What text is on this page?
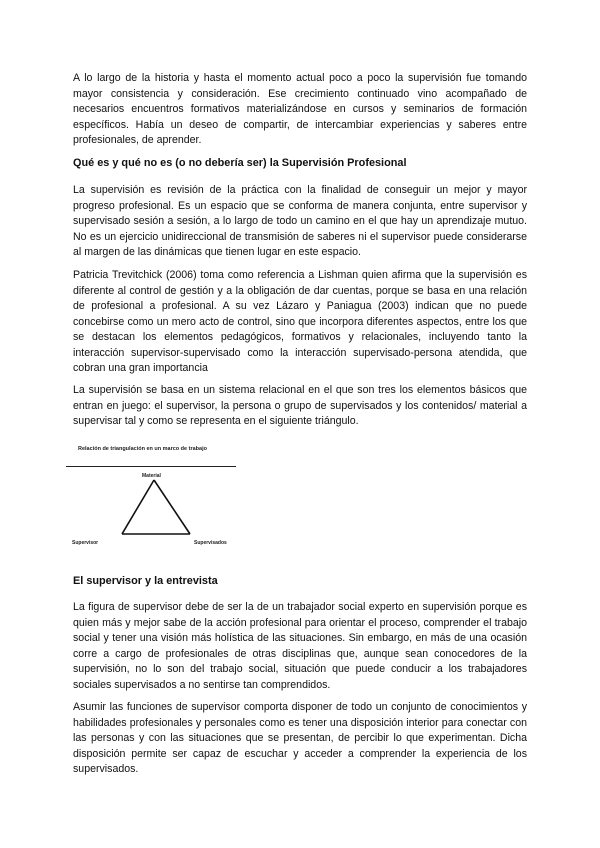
A lo largo de la historia y hasta el momento actual poco a poco la supervisión fue tomando mayor consistencia y consideración. Ese crecimiento continuado vino acompañado de necesarios encuentros formativos materializándose en cursos y seminarios de formación específicos. Había un deseo de compartir, de intercambiar experiencias y saberes entre profesionales, de aprender.

Qué es y qué no es (o no debería ser) la Supervisión Profesional

La supervisión es revisión de la práctica con la finalidad de conseguir un mejor y mayor progreso profesional. Es un espacio que se conforma de manera conjunta, entre supervisor y supervisado sesión a sesión, a lo largo de todo un camino en el que hay un aprendizaje mutuo. No es un ejercicio unidireccional de transmisión de saberes ni el supervisor puede considerarse al margen de las dinámicas que tienen lugar en este espacio.

Patricia Trevitchick (2006) toma como referencia a Lishman quien afirma que la supervisión es diferente al control de gestión y a la obligación de dar cuentas, porque se basa en una relación de profesional a profesional. A su vez Lázaro y Paniagua (2003) indican que no puede concebirse como un mero acto de control, sino que incorpora diferentes aspectos, entre los que se destacan los elementos pedagógicos, formativos y relacionales, incluyendo tanto la interacción supervisor-supervisado como la interacción supervisado-persona atendida, que cobran una gran importancia

La supervisión se basa en un sistema relacional en el que son tres los elementos básicos que entran en juego: el supervisor, la persona o grupo de supervisados y los contenidos/ material a supervisar tal y como se representa en el siguiente triángulo.

Relación de triangulación en un marco de trabajo
Material
Supervisor	Supervisados

El supervisor y la entrevista

La figura de supervisor debe de ser la de un trabajador social experto en supervisión porque es quien más y mejor sabe de la acción profesional para orientar el proceso, comprender el trabajo social y tener una visión más holística de las situaciones. Sin embargo, en más de una ocasión corre a cargo de profesionales de otras disciplinas que, aunque sean conocedores de la supervisión, no lo son del trabajo social, situación que puede conducir a los trabajadores sociales supervisados a no sentirse tan comprendidos.

Asumir las funciones de supervisor comporta disponer de todo un conjunto de conocimientos y habilidades profesionales y personales como es tener una disposición interior para conectar con las personas y con las situaciones que se presentan, de percibir lo que experimentan. Dicha disposición permite ser capaz de escuchar y acceder a comprender la experiencia de los supervisados.
